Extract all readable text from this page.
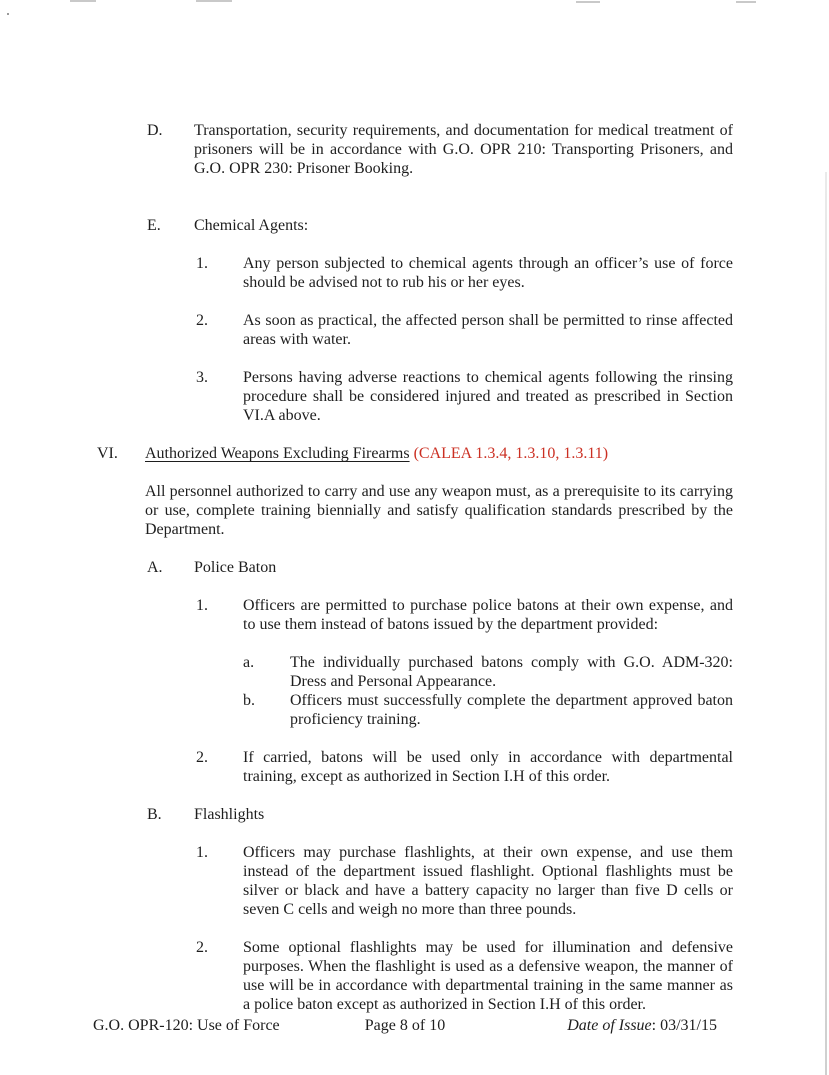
D.	Transportation, security requirements, and documentation for medical treatment of prisoners will be in accordance with G.O. OPR 210: Transporting Prisoners, and G.O. OPR 230: Prisoner Booking.
E.	Chemical Agents:
1.	Any person subjected to chemical agents through an officer’s use of force should be advised not to rub his or her eyes.
2.	As soon as practical, the affected person shall be permitted to rinse affected areas with water.
3.	Persons having adverse reactions to chemical agents following the rinsing procedure shall be considered injured and treated as prescribed in Section VI.A above.
VI.	Authorized Weapons Excluding Firearms (CALEA 1.3.4, 1.3.10, 1.3.11)
All personnel authorized to carry and use any weapon must, as a prerequisite to its carrying or use, complete training biennially and satisfy qualification standards prescribed by the Department.
A.	Police Baton
1.	Officers are permitted to purchase police batons at their own expense, and to use them instead of batons issued by the department provided:
a.	The individually purchased batons comply with G.O. ADM-320: Dress and Personal Appearance.
b.	Officers must successfully complete the department approved baton proficiency training.
2.	If carried, batons will be used only in accordance with departmental training, except as authorized in Section I.H of this order.
B.	Flashlights
1.	Officers may purchase flashlights, at their own expense, and use them instead of the department issued flashlight. Optional flashlights must be silver or black and have a battery capacity no larger than five D cells or seven C cells and weigh no more than three pounds.
2.	Some optional flashlights may be used for illumination and defensive purposes. When the flashlight is used as a defensive weapon, the manner of use will be in accordance with departmental training in the same manner as a police baton except as authorized in Section I.H of this order.
G.O. OPR-120: Use of Force	Page 8 of 10	Date of Issue: 03/31/15
